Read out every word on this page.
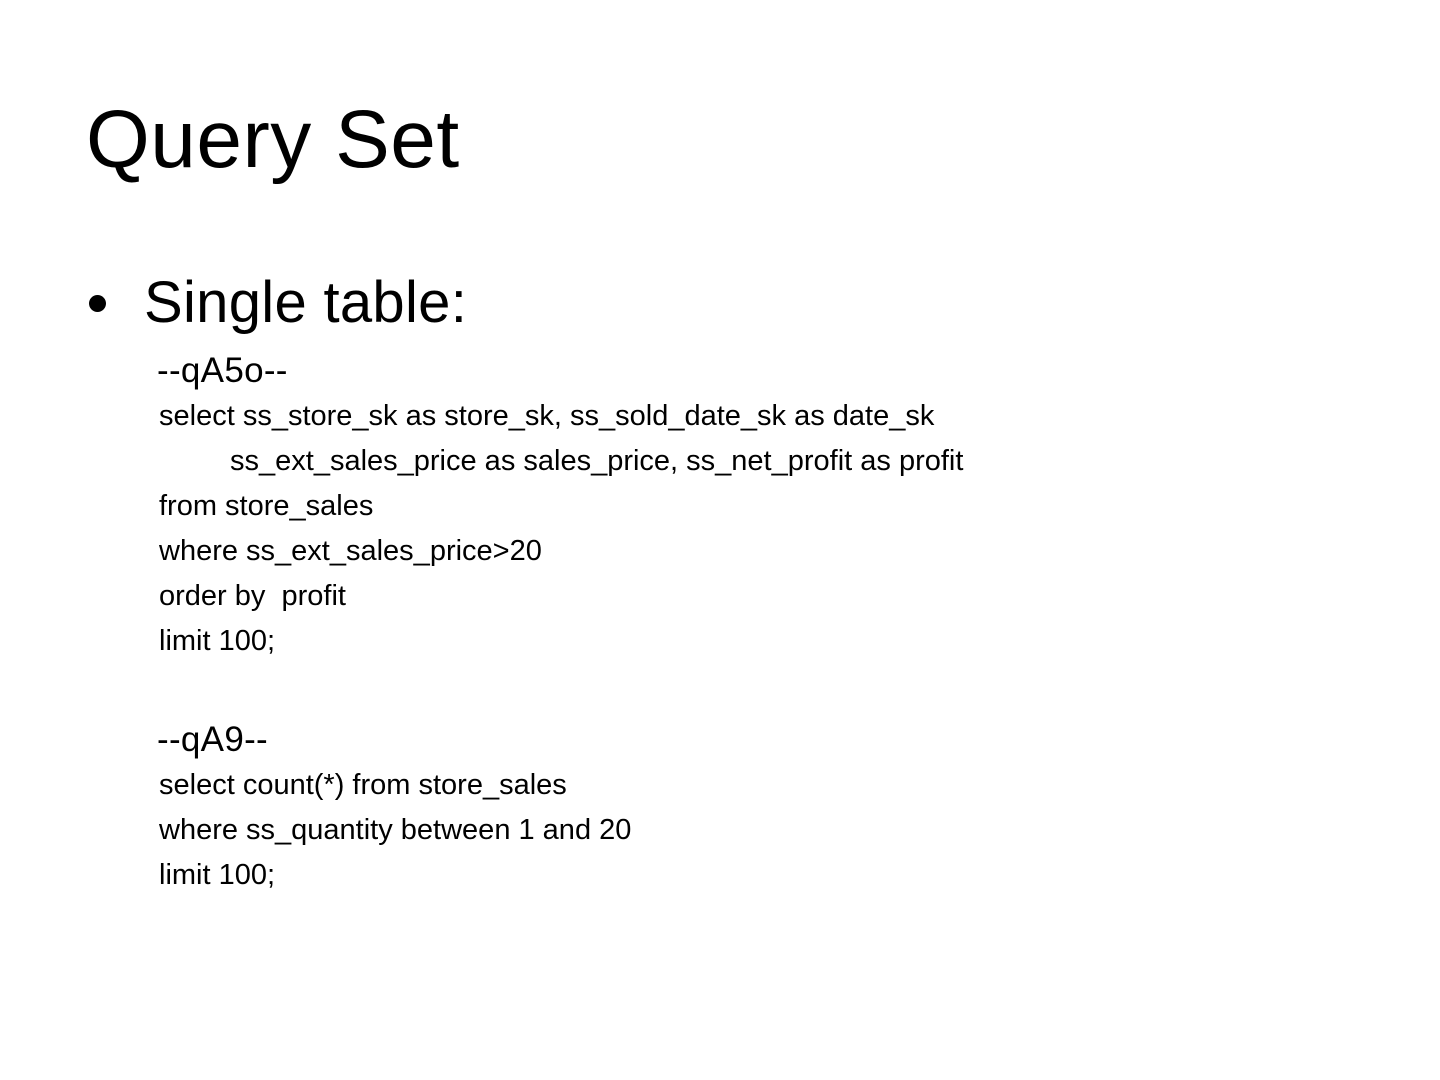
Query Set
Single table:
--qA5o--
select ss_store_sk as store_sk, ss_sold_date_sk as date_sk
ss_ext_sales_price as sales_price, ss_net_profit as profit
from store_sales
where ss_ext_sales_price>20
order by  profit
limit 100;
--qA9--
select count(*) from store_sales
where ss_quantity between 1 and 20
limit 100;
